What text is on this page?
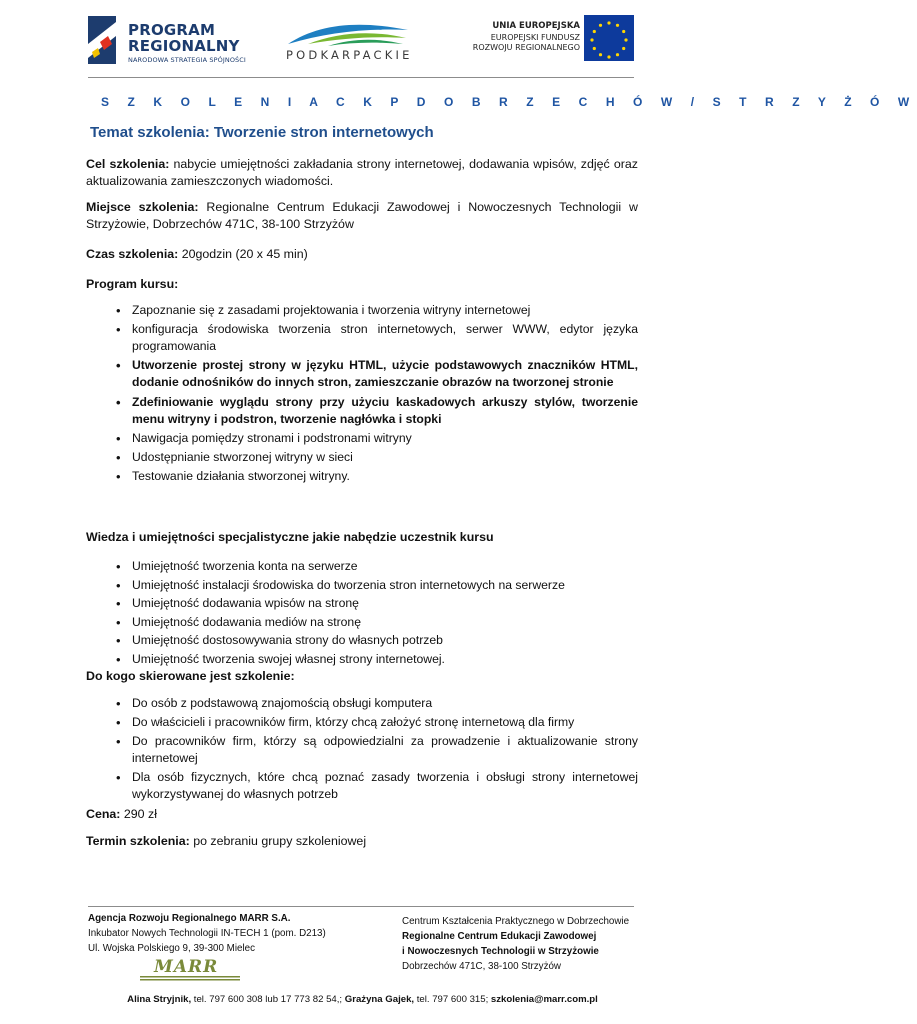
PROGRAM
REGIONALNY
NARODOWA STRATEGIA SPÓJNOŚCI	PODKARPACKIE
UNIA EUROPEJSKA
EUROPEJSKI FUNDUSZ
ROZWOJU REGIONALNEGO
S Z K O L E N I A C K P D O B R Z E C H Ó W / S T R Z Y Ż Ó W
Temat szkolenia: Tworzenie stron internetowych
Cel szkolenia: nabycie umiejętności zakładania strony internetowej, dodawania wpisów, zdjęć oraz aktualizowania zamieszczonych wiadomości.
Miejsce szkolenia: Regionalne Centrum Edukacji Zawodowej i Nowoczesnych Technologii w Strzyżowie, Dobrzechów 471C, 38-100 Strzyżów
Czas szkolenia: 20godzin (20 x 45 min)
Program kursu:
• Zapoznanie się z zasadami projektowania i tworzenia witryny internetowej
• konfiguracja środowiska tworzenia stron internetowych, serwer WWW, edytor języka programowania
• Utworzenie prostej strony w języku HTML, użycie podstawowych znaczników HTML, dodanie odnośników do innych stron, zamieszczanie obrazów na tworzonej stronie
• Zdefiniowanie wyglądu strony przy użyciu kaskadowych arkuszy stylów, tworzenie menu witryny i podstron, tworzenie nagłówka i stopki
• Nawigacja pomiędzy stronami i podstronami witryny
• Udostępnianie stworzonej witryny w sieci
• Testowanie działania stworzonej witryny.
Wiedza i umiejętności specjalistyczne jakie nabędzie uczestnik kursu
• Umiejętność tworzenia konta na serwerze
• Umiejętność instalacji środowiska do tworzenia stron internetowych na serwerze
• Umiejętność dodawania wpisów na stronę
• Umiejętność dodawania mediów na stronę
• Umiejętność dostosowywania strony do własnych potrzeb
• Umiejętność tworzenia swojej własnej strony internetowej.
Do kogo skierowane jest szkolenie:
• Do osób z podstawową znajomością obsługi komputera
• Do właścicieli i pracowników firm, którzy chcą założyć stronę internetową dla firmy
• Do pracowników firm, którzy są odpowiedzialni za prowadzenie i aktualizowanie strony internetowej
• Dla osób fizycznych, które chcą poznać zasady tworzenia i obsługi strony internetowej wykorzystywanej do własnych potrzeb
Cena: 290 zł
Termin szkolenia: po zebraniu grupy szkoleniowej
Agencja Rozwoju Regionalnego MARR S.A.
Inkubator Nowych Technologii IN-TECH 1 (pom. D213)
Ul. Wojska Polskiego 9, 39-300 Mielec
MARR
Centrum Kształcenia Praktycznego w Dobrzechowie
Regionalne Centrum Edukacji Zawodowej
i Nowoczesnych Technologii w Strzyżowie
Dobrzechów 471C, 38-100 Strzyżów
Alina Stryjnik, tel. 797 600 308 lub 17 773 82 54,; Grażyna Gajek, tel. 797 600 315; szkolenia@marr.com.pl
